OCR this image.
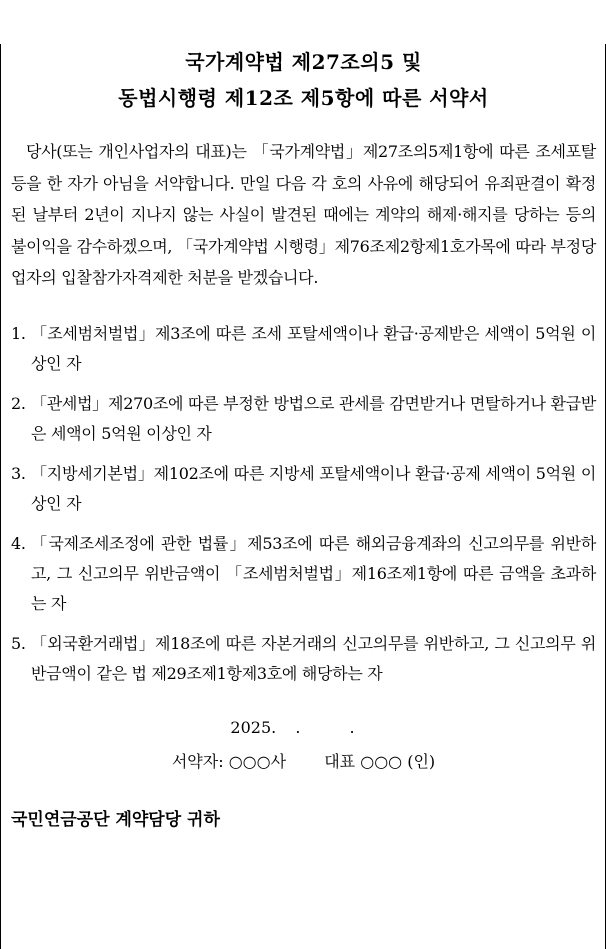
국가계약법 제27조의5 및
동법시행령 제12조 제5항에 따른 서약서
당사(또는 개인사업자의 대표)는 「국가계약법」제27조의5제1항에 따른 조세포탈 등을 한 자가 아님을 서약합니다. 만일 다음 각 호의 사유에 해당되어 유죄판결이 확정된 날부터 2년이 지나지 않는 사실이 발견된 때에는 계약의 해제·해지를 당하는 등의 불이익을 감수하겠으며, 「국가계약법 시행령」제76조제2항제1호가목에 따라 부정당업자의 입찰참가자격제한 처분을 받겠습니다.
1. 「조세범처벌법」제3조에 따른 조세 포탈세액이나 환급·공제받은 세액이 5억원 이상인 자
2. 「관세법」제270조에 따른 부정한 방법으로 관세를 감면받거나 면탈하거나 환급받은 세액이 5억원 이상인 자
3. 「지방세기본법」제102조에 따른 지방세 포탈세액이나 환급·공제 세액이 5억원 이상인 자
4. 「국제조세조정에 관한 법률」제53조에 따른 해외금융계좌의 신고의무를 위반하고, 그 신고의무 위반금액이 「조세범처벌법」제16조제1항에 따른 금액을 초과하는 자
5. 「외국환거래법」제18조에 따른 자본거래의 신고의무를 위반하고, 그 신고의무 위반금액이 같은 법 제29조제1항제3호에 해당하는 자
2025. . .
서약자: ○○○사 대표 ○○○ (인)
국민연금공단 계약담당 귀하
